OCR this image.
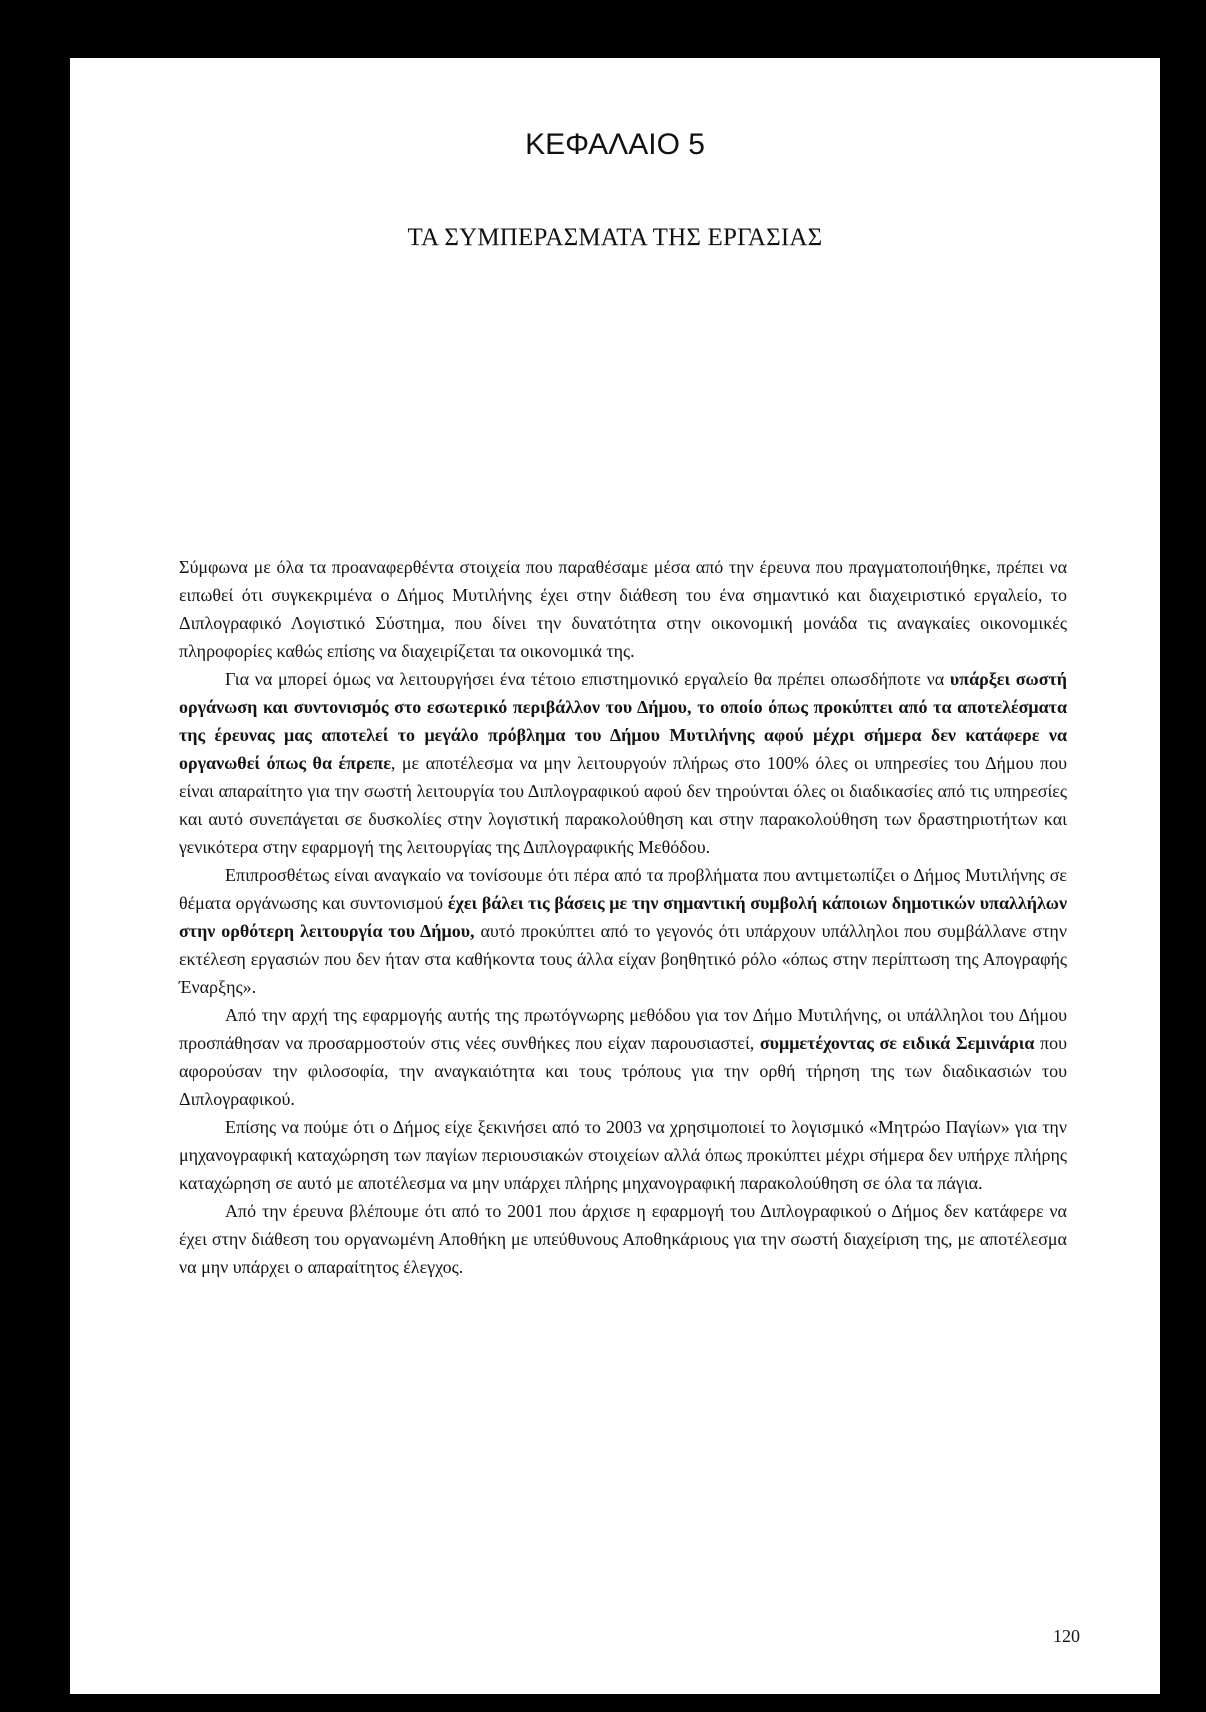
ΚΕΦΑΛΑΙΟ 5
ΤΑ ΣΥΜΠΕΡΑΣΜΑΤΑ ΤΗΣ ΕΡΓΑΣΙΑΣ

Σύμφωνα με όλα τα προαναφερθέντα στοιχεία που παραθέσαμε μέσα από την έρευνα που πραγματοποιήθηκε, πρέπει να ειπωθεί ότι συγκεκριμένα ο Δήμος Μυτιλήνης έχει στην διάθεση του ένα σημαντικό και διαχειριστικό εργαλείο, το Διπλογραφικό Λογιστικό Σύστημα, που δίνει την δυνατότητα στην οικονομική μονάδα τις αναγκαίες οικονομικές πληροφορίες καθώς επίσης να διαχειρίζεται τα οικονομικά της.

Για να μπορεί όμως να λειτουργήσει ένα τέτοιο επιστημονικό εργαλείο θα πρέπει οπωσδήποτε να υπάρξει σωστή οργάνωση και συντονισμός στο εσωτερικό περιβάλλον του Δήμου, το οποίο όπως προκύπτει από τα αποτελέσματα της έρευνας μας αποτελεί το μεγάλο πρόβλημα του Δήμου Μυτιλήνης αφού μέχρι σήμερα δεν κατάφερε να οργανωθεί όπως θα έπρεπε, με αποτέλεσμα να μην λειτουργούν πλήρως στο 100% όλες οι υπηρεσίες του Δήμου που είναι απαραίτητο για την σωστή λειτουργία του Διπλογραφικού αφού δεν τηρούνται όλες οι διαδικασίες από τις υπηρεσίες και αυτό συνεπάγεται σε δυσκολίες στην λογιστική παρακολούθηση και στην παρακολούθηση των δραστηριοτήτων και γενικότερα στην εφαρμογή της λειτουργίας της Διπλογραφικής Μεθόδου.

Επιπροσθέτως είναι αναγκαίο να τονίσουμε ότι πέρα από τα προβλήματα που αντιμετωπίζει ο Δήμος Μυτιλήνης σε θέματα οργάνωσης και συντονισμού έχει βάλει τις βάσεις με την σημαντική συμβολή κάποιων δημοτικών υπαλλήλων στην ορθότερη λειτουργία του Δήμου, αυτό προκύπτει από το γεγονός ότι υπάρχουν υπάλληλοι που συμβάλλανε στην εκτέλεση εργασιών που δεν ήταν στα καθήκοντα τους άλλα είχαν βοηθητικό ρόλο «όπως στην περίπτωση της Απογραφής Έναρξης».

Από την αρχή της εφαρμογής αυτής της πρωτόγνωρης μεθόδου για τον Δήμο Μυτιλήνης, οι υπάλληλοι του Δήμου προσπάθησαν να προσαρμοστούν στις νέες συνθήκες που είχαν παρουσιαστεί, συμμετέχοντας σε ειδικά Σεμινάρια που αφορούσαν την φιλοσοφία, την αναγκαιότητα και τους τρόπους για την ορθή τήρηση της των διαδικασιών του Διπλογραφικού.

Επίσης να πούμε ότι ο Δήμος είχε ξεκινήσει από το 2003 να χρησιμοποιεί το λογισμικό «Μητρώο Παγίων» για την μηχανογραφική καταχώρηση των παγίων περιουσιακών στοιχείων αλλά όπως προκύπτει μέχρι σήμερα δεν υπήρχε πλήρης καταχώρηση σε αυτό με αποτέλεσμα να μην υπάρχει πλήρης μηχανογραφική παρακολούθηση σε όλα τα πάγια.

Από την έρευνα βλέπουμε ότι από το 2001 που άρχισε η εφαρμογή του Διπλογραφικού ο Δήμος δεν κατάφερε να έχει στην διάθεση του οργανωμένη Αποθήκη με υπεύθυνους Αποθηκάριους για την σωστή διαχείριση της, με αποτέλεσμα να μην υπάρχει ο απαραίτητος έλεγχος.

120
